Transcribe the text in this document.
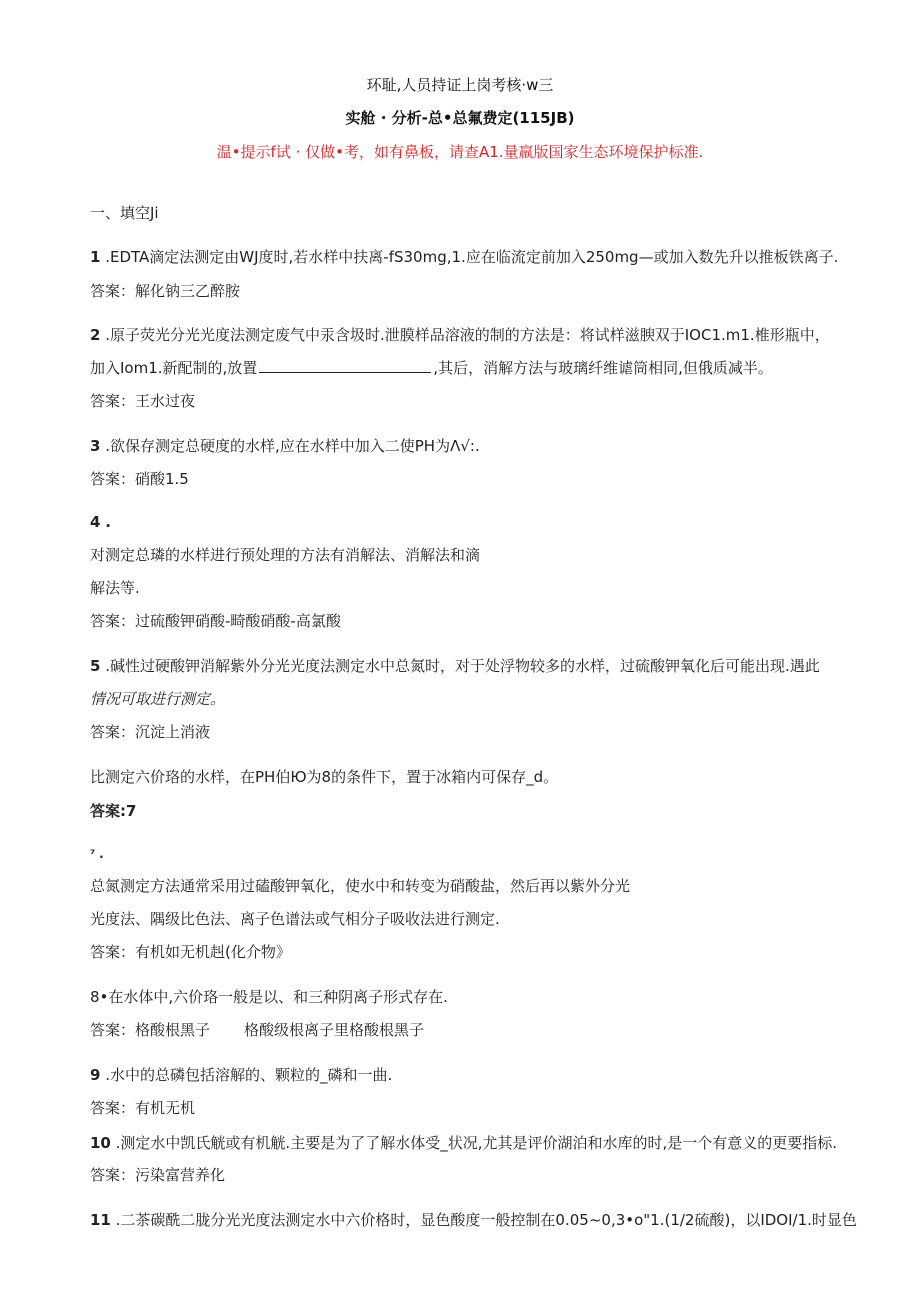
环耻,人员持证上岗考核·w三
实舱 · 分析-总•总氟费定(115JB)
温•提示f试 · 仅做•考，如有鼻板，请查A1.量羸版国家生态环境保护标准.
一、填空Ji
1 .EDTA滴定法测定由WJ度时,若水样中扶离-fS30mg,1.应在临流定前加入250mg—或加入数先升以推板铁离子.
答案：解化钠三乙醉胺
2 .原子荧光分光光度法测定废气中汞含圾时.泄膜样品溶液的制的方法是：将试样滋腴双于IOC1.m1.椎形瓶中，
加入Iom1.新配制的,放置	,其后，消解方法与玻璃纤维谑筒相同,但俄质减半。
答案：王水过夜
3 .欲保存测定总硬度的水样,应在水样中加入二使PH为Λ√:.
答案：硝酸1.5
4 .
对测定总璘的水样进行预处理的方法有消解法、消解法和滴
解法等.
答案：过硫酸钾硝酸-畸酸硝酸-高氯酸
5 .碱性过硬酸钾消解紫外分光光度法测定水中总氮时，对于处浮物较多的水样，过硫酸钾氧化后可能出现.遇此
情况可取进行测定。
答案：沉淀上消液
比测定六价珞的水样，在PH伯Ю为8的条件下，置于冰箱内可保存_d。
答案:7
⁷ .
总氮测定方法通常采用过磕酸钾氧化，使水中和转变为硝酸盐，然后再以紫外分光
光度法、隅级比色法、离子色谱法或气相分子吸收法进行测定.
答案：有机如无机赳(化介物》
8•在水体中,六价珞一般是以、和三种阴离子形式存在.
答案：格酸根黑子 格酸级根离子里格酸根黑子
9 .水中的总磷包括溶解的、颗粒的_磷和一曲.
答案：有机无机
10 .测定水中凯氏觥或有机觥.主要是为了了解水体受_状况,尤其是评价湖泊和水库的时,是一个有意义的更要指标.
答案：污染富营养化
11 .二茶碳酰二胧分光光度法测定水中六价格时，显色酸度一般控制在0.05~0,3•o"1.(1/2硫酸)，以IDOI/1.时显色
